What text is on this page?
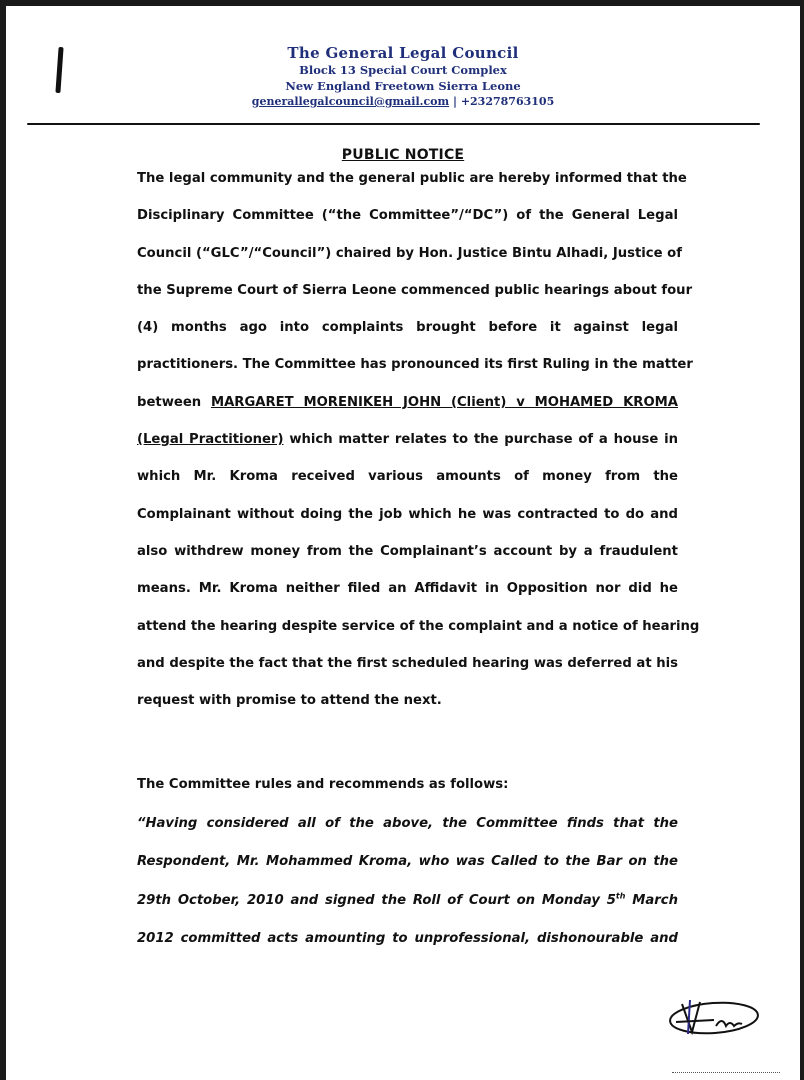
The General Legal Council
Block 13 Special Court Complex
New England Freetown Sierra Leone
generallegalcouncil@gmail.com | +23278763105
PUBLIC NOTICE
The legal community and the general public are hereby informed that the
Disciplinary Committee (“the Committee”/“DC”) of the General Legal
Council (“GLC”/“Council”) chaired by Hon. Justice Bintu Alhadi, Justice of
the Supreme Court of Sierra Leone commenced public hearings about four
(4) months ago into complaints brought before it against legal
practitioners. The Committee has pronounced its first Ruling in the matter
between MARGARET MORENIKEH JOHN (Client) v MOHAMED KROMA
(Legal Practitioner) which matter relates to the purchase of a house in
which Mr. Kroma received various amounts of money from the
Complainant without doing the job which he was contracted to do and
also withdrew money from the Complainant’s account by a fraudulent
means. Mr. Kroma neither filed an Affidavit in Opposition nor did he
attend the hearing despite service of the complaint and a notice of hearing
and despite the fact that the first scheduled hearing was deferred at his
request with promise to attend the next.
The Committee rules and recommends as follows:
“Having considered all of the above, the Committee finds that the
Respondent, Mr. Mohammed Kroma, who was Called to the Bar on the
29th October, 2010 and signed the Roll of Court on Monday 5th March
2012 committed acts amounting to unprofessional, dishonourable and
